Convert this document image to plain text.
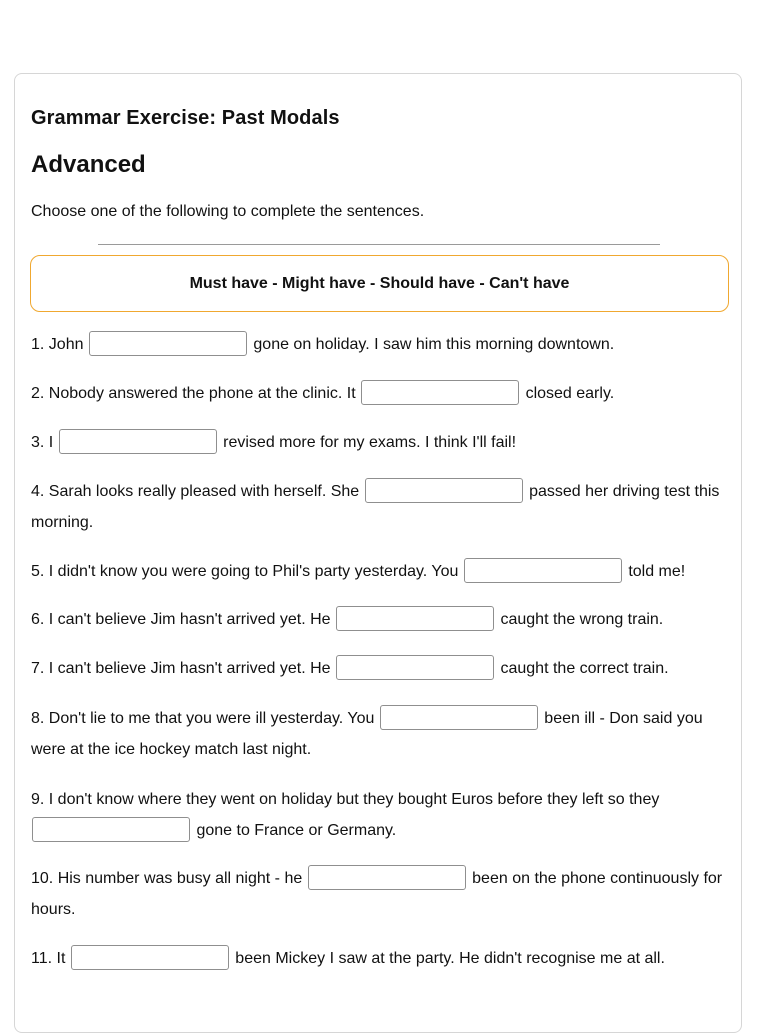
Grammar Exercise: Past Modals
Advanced

Choose one of the following to complete the sentences.

Must have - Might have - Should have - Can't have

1. John	gone on holiday. I saw him this morning downtown.

2. Nobody answered the phone at the clinic. It	closed early.

3. I	revised more for my exams. I think I'll fail!

4. Sarah looks really pleased with herself. She	passed her driving test this morning.

5. I didn't know you were going to Phil's party yesterday. You	told me!

6. I can't believe Jim hasn't arrived yet. He	caught the wrong train.

7. I can't believe Jim hasn't arrived yet. He	caught the correct train.

8. Don't lie to me that you were ill yesterday. You	been ill - Don said you were at the ice hockey match last night.

9. I don't know where they went on holiday but they bought Euros before they left so they  gone to France or Germany.

10. His number was busy all night - he	been on the phone continuously for hours.

11. It	been Mickey I saw at the party. He didn't recognise me at all.
